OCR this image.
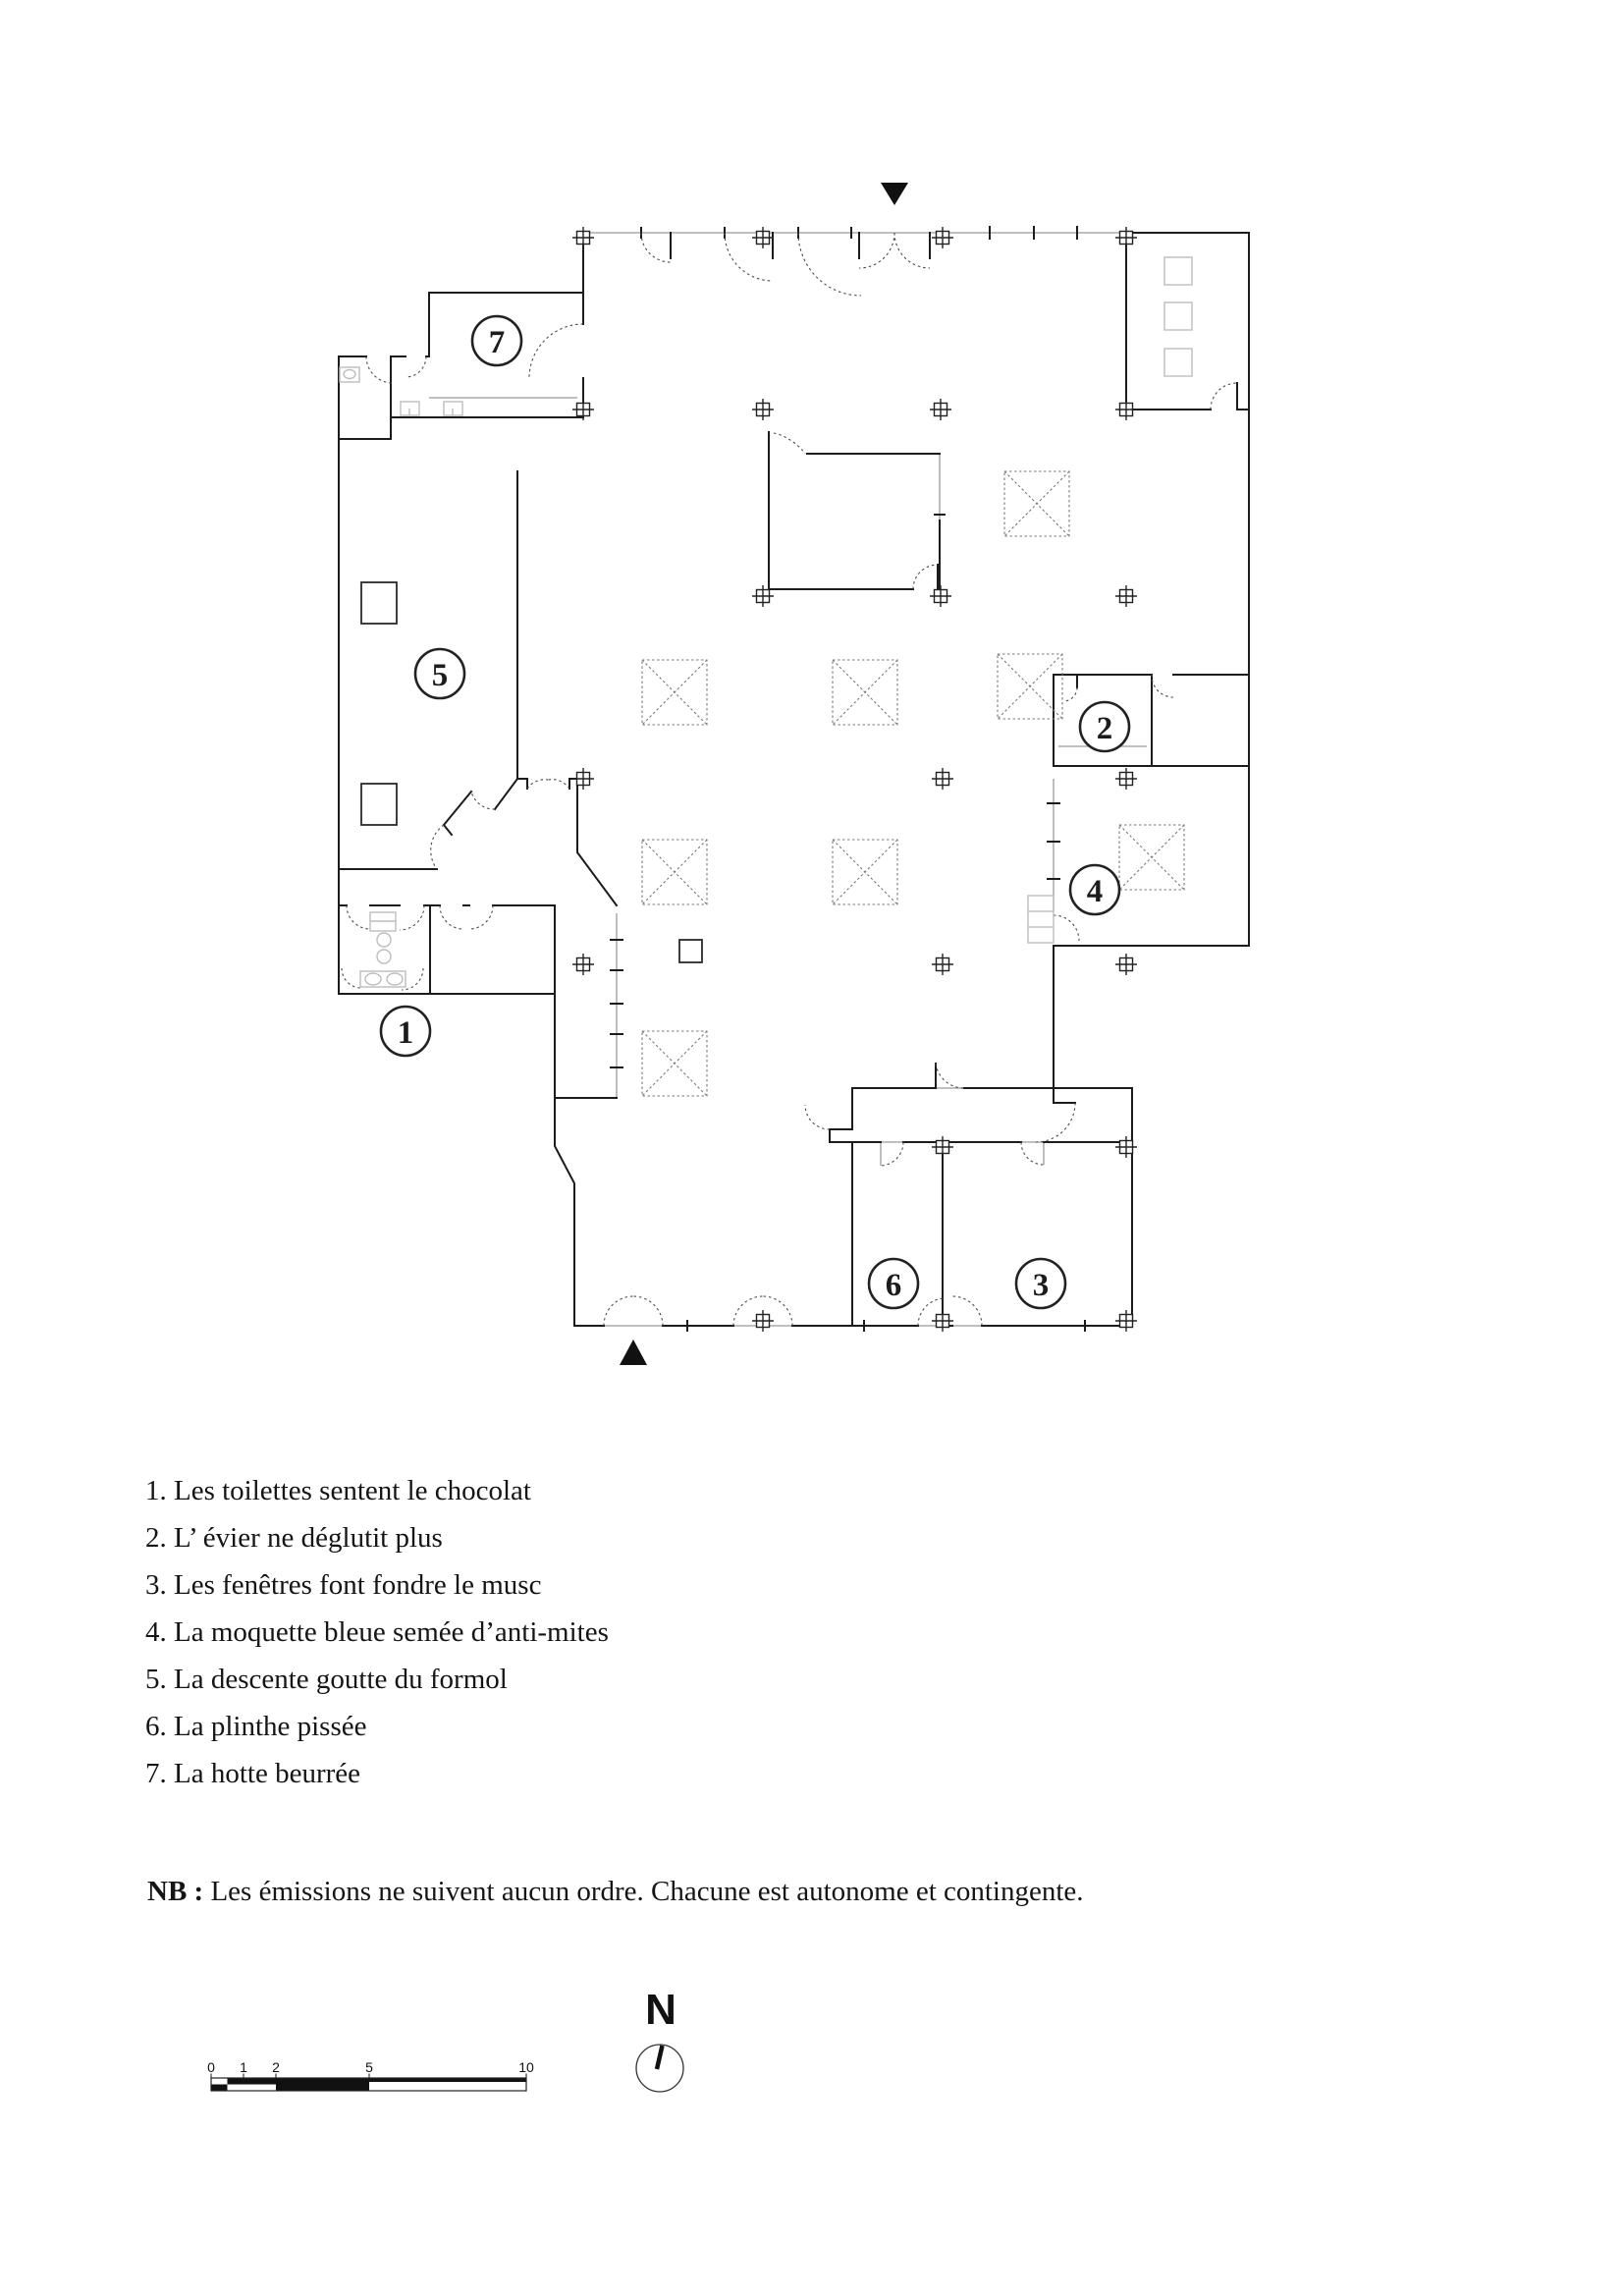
1
2
3
4
5
6
7
1. Les toilettes sentent le chocolat
2. L’ évier ne déglutit plus
3. Les fenêtres font fondre le musc
4. La moquette bleue semée d’anti-mites
5. La descente goutte du formol
6. La plinthe pissée
7. La hotte beurrée
NB : Les émissions ne suivent aucun ordre. Chacune est autonome et contingente.
0 1 2	5	10
N
